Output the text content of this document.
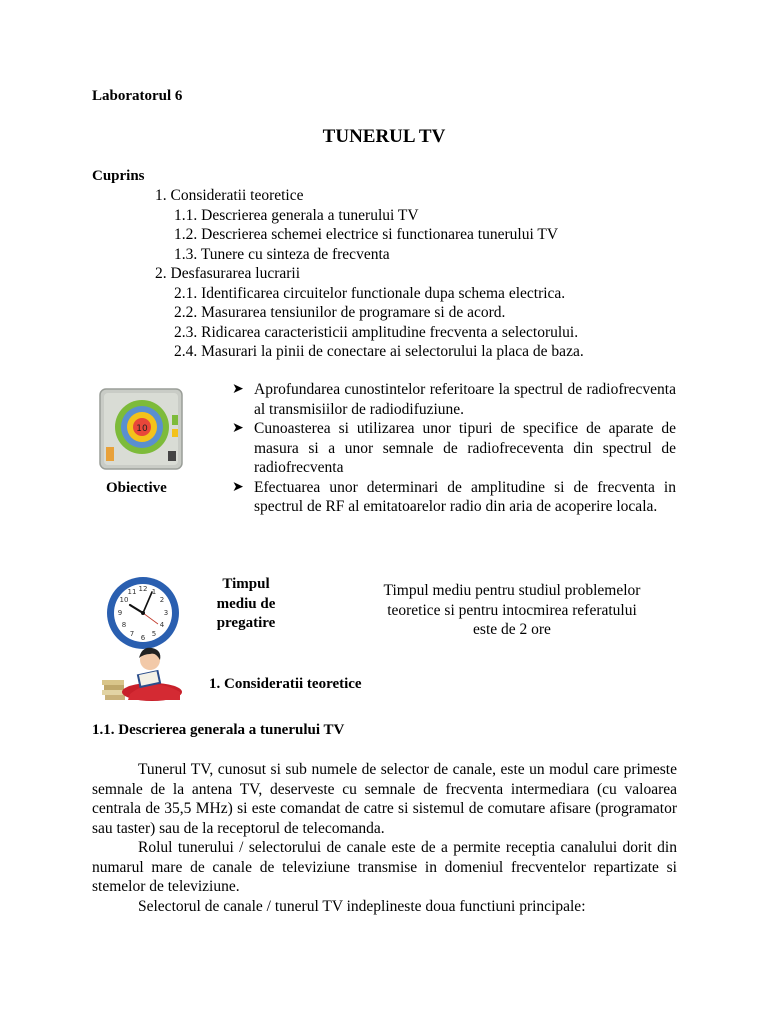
Laboratorul 6
TUNERUL TV
Cuprins
1. Consideratii teoretice
1.1. Descrierea generala a tunerului TV
1.2. Descrierea schemei electrice si functionarea tunerului TV
1.3. Tunere cu sinteza de frecventa
2. Desfasurarea lucrarii
2.1. Identificarea circuitelor functionale dupa schema electrica.
2.2. Masurarea tensiunilor de programare si de acord.
2.3. Ridicarea caracteristicii amplitudine frecventa a selectorului.
2.4. Masurari la pinii de conectare ai selectorului la placa de baza.
10
Obiective
➤ Aprofundarea cunostintelor referitoare la spectrul de radiofrecventa al transmisiilor de radiodifuziune.
➤ Cunoasterea si utilizarea unor tipuri de specifice de aparate de masura si a unor semnale de radiofreceventa din spectrul de radiofrecventa
➤ Efectuarea unor determinari de amplitudine si de frecventa in spectrul de RF al emitatoarelor radio din aria de acoperire locala.
12 1
2
3
4
5
6
7
8
9
10
11	Timpul
mediu de
pregatire
Timpul mediu pentru studiul problemelor
teoretice si pentru intocmirea referatului
este de 2 ore
1. Consideratii teoretice
1.1. Descrierea generala a tunerului TV

Tunerul TV, cunosut si sub numele de selector de canale, este un modul care primeste semnale de la antena TV, deserveste cu semnale de frecventa intermediara (cu valoarea centrala de 35,5 MHz) si este comandat de catre si sistemul de comutare afisare (programator sau taster) sau de la receptorul de telecomanda.

Rolul tunerului / selectorului de canale este de a permite receptia canalului dorit din numarul mare de canale de televiziune transmise in domeniul frecventelor repartizate si stemelor de televiziune.

Selectorul de canale / tunerul TV indeplineste doua functiuni principale:
